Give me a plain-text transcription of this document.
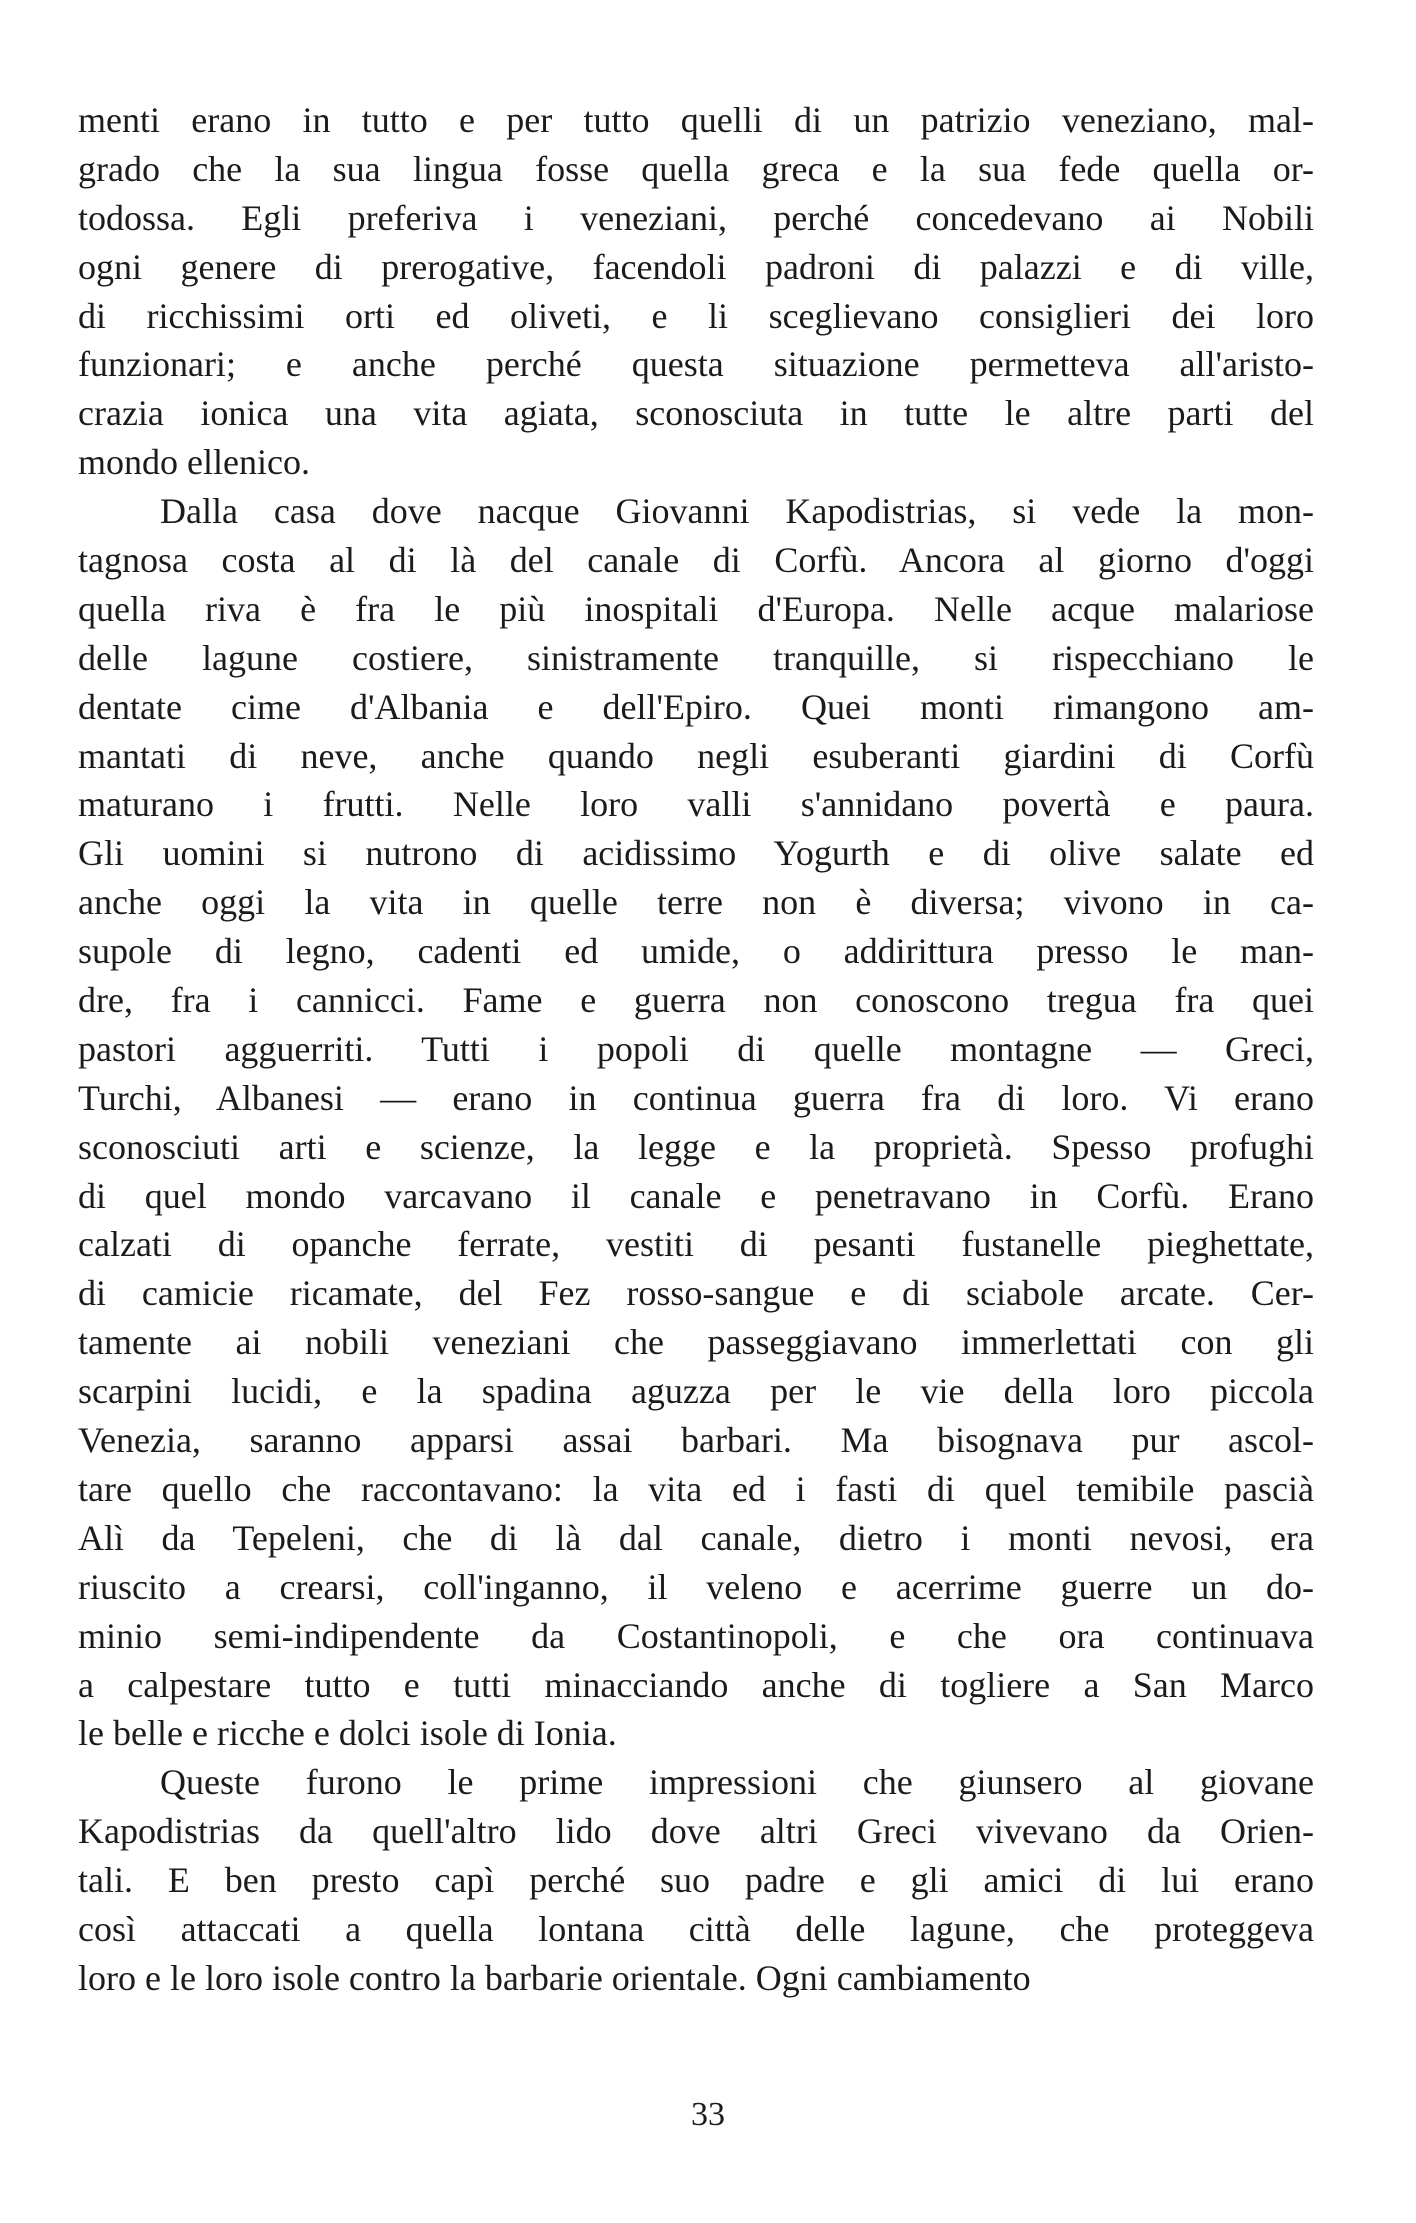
menti erano in tutto e per tutto quelli di un patrizio veneziano, mal-
grado che la sua lingua fosse quella greca e la sua fede quella or-
todossa. Egli preferiva i veneziani, perché concedevano ai Nobili
ogni genere di prerogative, facendoli padroni di palazzi e di ville,
di ricchissimi orti ed oliveti, e li sceglievano consiglieri dei loro
funzionari; e anche perché questa situazione permetteva all'aristo-
crazia ionica una vita agiata, sconosciuta in tutte le altre parti del
mondo ellenico.
Dalla casa dove nacque Giovanni Kapodistrias, si vede la mon-
tagnosa costa al di là del canale di Corfù. Ancora al giorno d'oggi
quella riva è fra le più inospitali d'Europa. Nelle acque malariose
delle lagune costiere, sinistramente tranquille, si rispecchiano le
dentate cime d'Albania e dell'Epiro. Quei monti rimangono am-
mantati di neve, anche quando negli esuberanti giardini di Corfù
maturano i frutti. Nelle loro valli s'annidano povertà e paura.
Gli uomini si nutrono di acidissimo Yogurth e di olive salate ed
anche oggi la vita in quelle terre non è diversa; vivono in ca-
supole di legno, cadenti ed umide, o addirittura presso le man-
dre, fra i cannicci. Fame e guerra non conoscono tregua fra quei
pastori agguerriti. Tutti i popoli di quelle montagne — Greci,
Turchi, Albanesi — erano in continua guerra fra di loro. Vi erano
sconosciuti arti e scienze, la legge e la proprietà. Spesso profughi
di quel mondo varcavano il canale e penetravano in Corfù. Erano
calzati di opanche ferrate, vestiti di pesanti fustanelle pieghettate,
di camicie ricamate, del Fez rosso-sangue e di sciabole arcate. Cer-
tamente ai nobili veneziani che passeggiavano immerlettati con gli
scarpini lucidi, e la spadina aguzza per le vie della loro piccola
Venezia, saranno apparsi assai barbari. Ma bisognava pur ascol-
tare quello che raccontavano: la vita ed i fasti di quel temibile pascià
Alì da Tepeleni, che di là dal canale, dietro i monti nevosi, era
riuscito a crearsi, coll'inganno, il veleno e acerrime guerre un do-
minio semi-indipendente da Costantinopoli, e che ora continuava
a calpestare tutto e tutti minacciando anche di togliere a San Marco
le belle e ricche e dolci isole di Ionia.
Queste furono le prime impressioni che giunsero al giovane
Kapodistrias da quell'altro lido dove altri Greci vivevano da Orien-
tali. E ben presto capì perché suo padre e gli amici di lui erano
così attaccati a quella lontana città delle lagune, che proteggeva
loro e le loro isole contro la barbarie orientale. Ogni cambiamento
33
